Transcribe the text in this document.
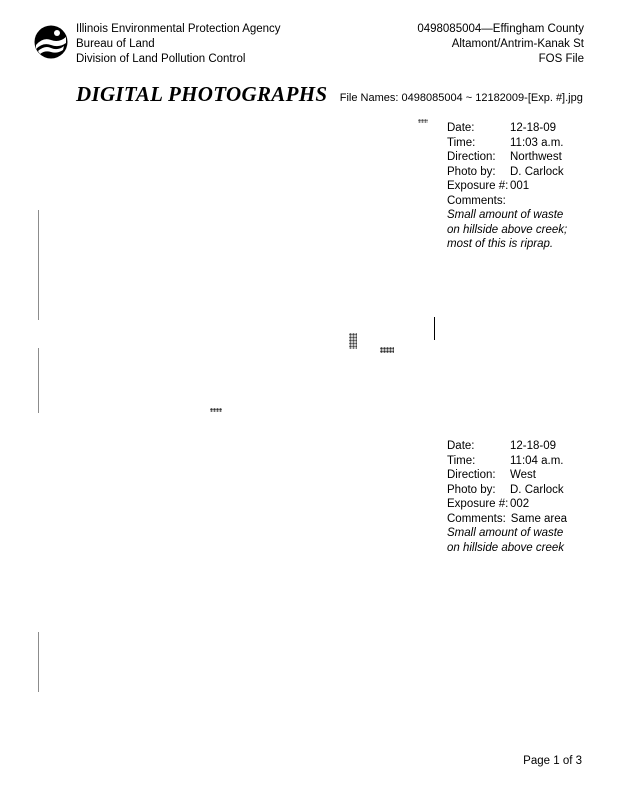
Illinois Environmental Protection Agency
Bureau of Land
Division of Land Pollution Control
0498085004—Effingham County
Altamont/Antrim-Kanak St
FOS File
DIGITAL PHOTOGRAPHS File Names: 0498085004 ~ 12182009-[Exp. #].jpg
Date:	12-18-09
Time:	11:03 a.m.
Direction:	Northwest
Photo by:	D. Carlock
Exposure #: 001
Comments:
Small amount of waste
on hillside above creek;
most of this is riprap.
Date:	12-18-09
Time:	11:04 a.m.
Direction:	West
Photo by:	D. Carlock
Exposure #: 002
Comments: Same area
Small amount of waste
on hillside above creek
Page 1 of 3
